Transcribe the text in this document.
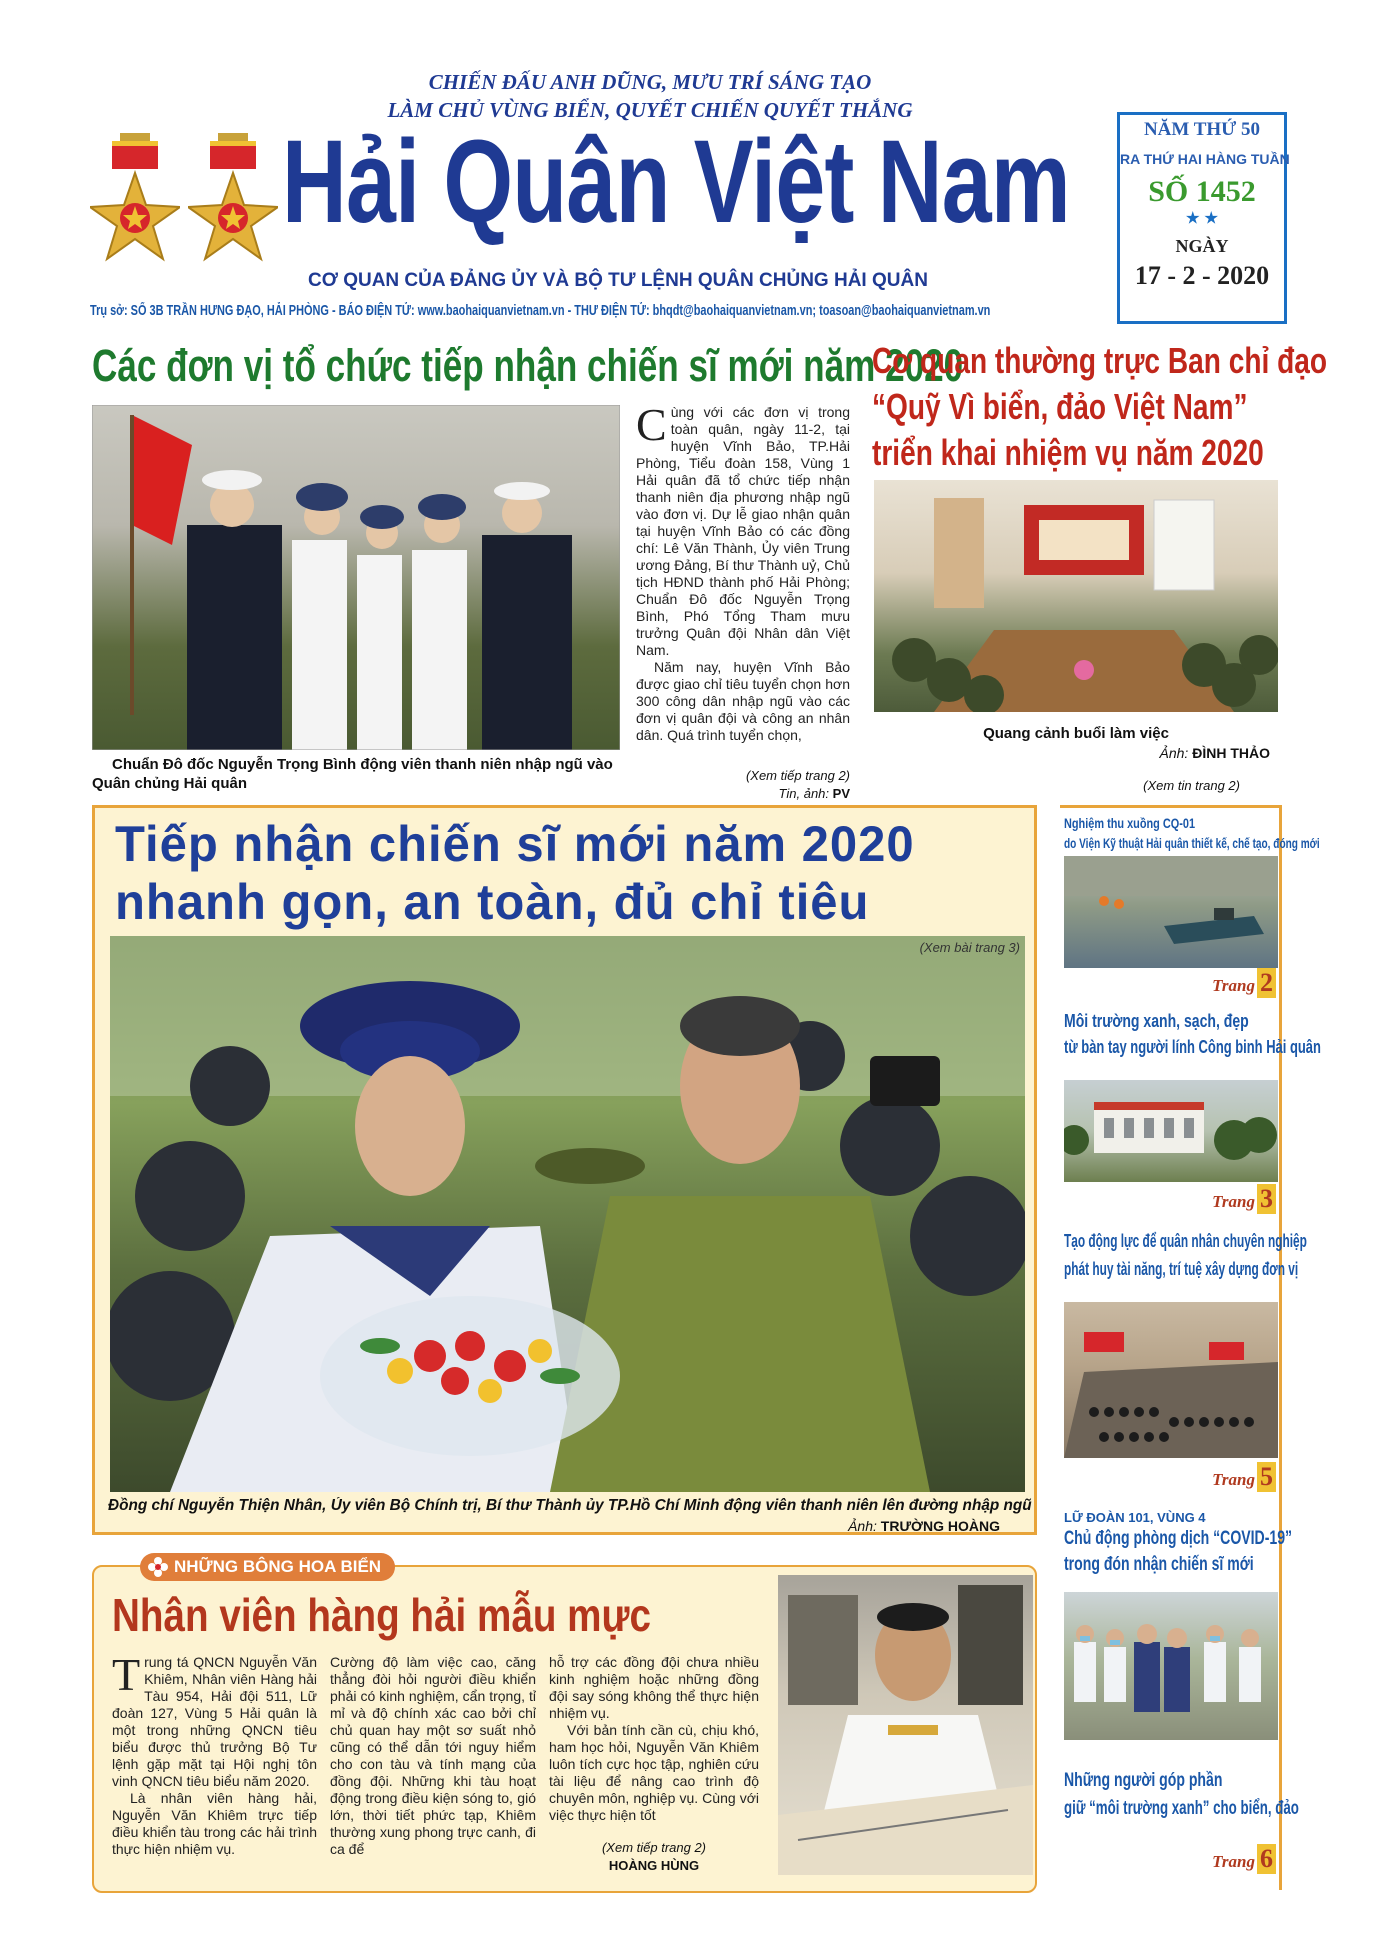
CHIẾN ĐẤU ANH DŨNG, MƯU TRÍ SÁNG TẠO
LÀM CHỦ VÙNG BIỂN, QUYẾT CHIẾN QUYẾT THẮNG
Hải Quân Việt Nam
CƠ QUAN CỦA ĐẢNG ỦY VÀ BỘ TƯ LỆNH QUÂN CHỦNG HẢI QUÂN
NĂM THỨ 50
RA THỨ HAI HÀNG TUẦN
SỐ 1452

NGÀY
17 - 2 - 2020
Trụ sở: SỐ 3B TRẦN HƯNG ĐẠO, HẢI PHÒNG - BÁO ĐIỆN TỬ: www.baohaiquanvietnam.vn - THƯ ĐIỆN TỬ: bhqdt@baohaiquanvietnam.vn; toasoan@baohaiquanvietnam.vn
Các đơn vị tổ chức tiếp nhận chiến sĩ mới năm 2020
Chuẩn Đô đốc Nguyễn Trọng Bình động viên thanh niên nhập ngũ vào Quân chủng Hải quân
Cùng với các đơn vị trong toàn quân, ngày 11-2, tại huyện Vĩnh Bảo, TP.Hải Phòng, Tiểu đoàn 158, Vùng 1 Hải quân đã tổ chức tiếp nhận thanh niên địa phương nhập ngũ vào đơn vị. Dự lễ giao nhận quân tại huyện Vĩnh Bảo có các đồng chí: Lê Văn Thành, Ủy viên Trung ương Đảng, Bí thư Thành uỷ, Chủ tịch HĐND thành phố Hải Phòng; Chuẩn Đô đốc Nguyễn Trọng Bình, Phó Tổng Tham mưu trưởng Quân đội Nhân dân Việt Nam.
Năm nay, huyện Vĩnh Bảo được giao chỉ tiêu tuyển chọn hơn 300 công dân nhập ngũ vào các đơn vị quân đội và công an nhân dân. Quá trình tuyển chọn,
(Xem tiếp trang 2)
Tin, ảnh: PV
Cơ quan thường trực Ban chỉ đạo
“Quỹ Vì biển, đảo Việt Nam”
triển khai nhiệm vụ năm 2020
Quang cảnh buổi làm việc
Ảnh: ĐÌNH THẢO
(Xem tin trang 2)
Tiếp nhận chiến sĩ mới năm 2020
nhanh gọn, an toàn, đủ chỉ tiêu
(Xem bài trang 3)
Đồng chí Nguyễn Thiện Nhân, Ủy viên Bộ Chính trị, Bí thư Thành ủy TP.Hồ Chí Minh động viên thanh niên lên đường nhập ngũ
Ảnh: TRƯỜNG HOÀNG
NHỮNG BÔNG HOA BIỂN
Nhân viên hàng hải mẫu mực
Trung tá QNCN Nguyễn Văn Khiêm, Nhân viên Hàng hải Tàu 954, Hải đội 511, Lữ đoàn 127, Vùng 5 Hải quân là một trong những QNCN tiêu biểu được thủ trưởng Bộ Tư lệnh gặp mặt tại Hội nghị tôn vinh QNCN tiêu biểu năm 2020.
Là nhân viên hàng hải, Nguyễn Văn Khiêm trực tiếp điều khiển tàu trong các hải trình thực hiện nhiệm vụ.
Cường độ làm việc cao, căng thẳng đòi hỏi người điều khiển phải có kinh nghiệm, cẩn trọng, tỉ mỉ và độ chính xác cao bởi chỉ chủ quan hay một sơ suất nhỏ cũng có thể dẫn tới nguy hiểm cho con tàu và tính mạng của đồng đội. Những khi tàu hoạt động trong điều kiện sóng to, gió lớn, thời tiết phức tạp, Khiêm thường xung phong trực canh, đi ca để
hỗ trợ các đồng đội chưa nhiều kinh nghiệm hoặc những đồng đội say sóng không thể thực hiện nhiệm vụ.
Với bản tính cần cù, chịu khó, ham học hỏi, Nguyễn Văn Khiêm luôn tích cực học tập, nghiên cứu tài liệu để nâng cao trình độ chuyên môn, nghiệp vụ. Cùng với việc thực hiện tốt
(Xem tiếp trang 2)
HOÀNG HÙNG
Nghiệm thu xuồng CQ-01
do Viện Kỹ thuật Hải quân thiết kế, chế tạo, đóng mới
Trang 2
Môi trường xanh, sạch, đẹp
từ bàn tay người lính Công binh Hải quân
Trang 3
Tạo động lực để quân nhân chuyên nghiệp
phát huy tài năng, trí tuệ xây dựng đơn vị
Trang 5
LỮ ĐOÀN 101, VÙNG 4
Chủ động phòng dịch “COVID-19”
trong đón nhận chiến sĩ mới
Những người góp phần
giữ “môi trường xanh” cho biển, đảo
Trang 6
